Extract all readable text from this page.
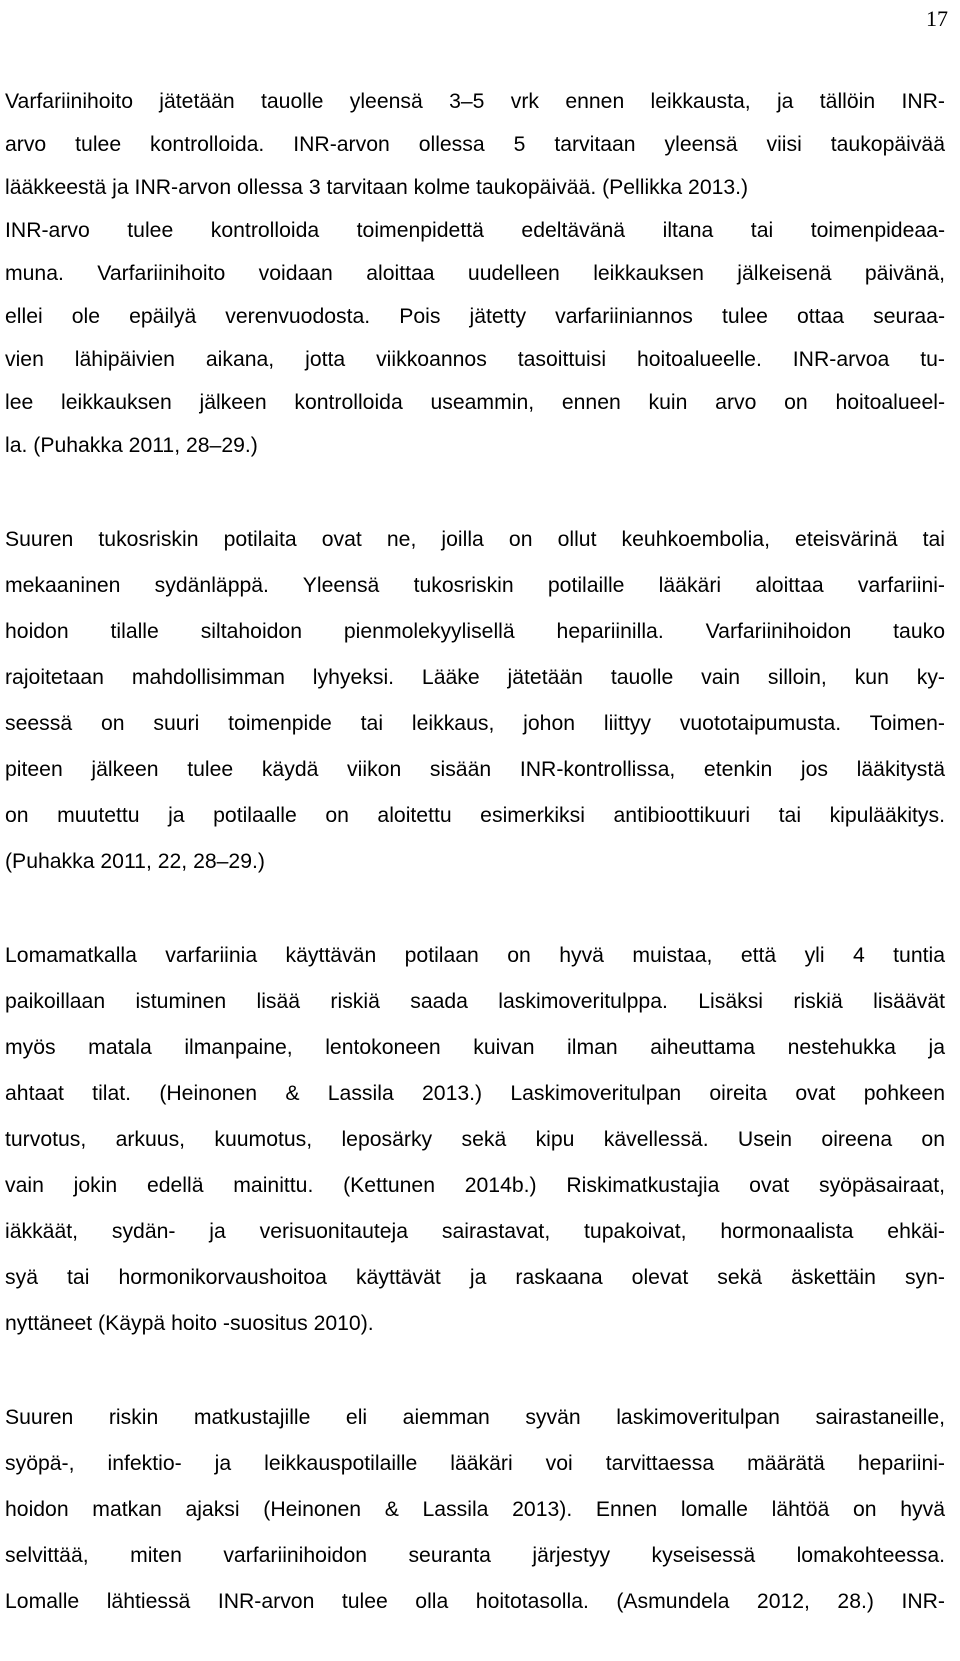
17
Varfariinihoito jätetään tauolle yleensä 3–5 vrk ennen leikkausta, ja tällöin INR-
arvo tulee kontrolloida. INR-arvon ollessa 5 tarvitaan yleensä viisi taukopäivää
lääkkeestä ja INR-arvon ollessa 3 tarvitaan kolme taukopäivää. (Pellikka 2013.)
INR-arvo tulee kontrolloida toimenpidettä edeltävänä iltana tai toimenpideaa-
muna. Varfariinihoito voidaan aloittaa uudelleen leikkauksen jälkeisenä päivänä,
ellei ole epäilyä verenvuodosta. Pois jätetty varfariiniannos tulee ottaa seuraa-
vien lähipäivien aikana, jotta viikkoannos tasoittuisi hoitoalueelle. INR-arvoa tu-
lee leikkauksen jälkeen kontrolloida useammin, ennen kuin arvo on hoitoalueel-
la. (Puhakka 2011, 28–29.)
Suuren tukosriskin potilaita ovat ne, joilla on ollut keuhkoembolia, eteisvärinä tai
mekaaninen sydänläppä. Yleensä tukosriskin potilaille lääkäri aloittaa varfariini-
hoidon tilalle siltahoidon pienmolekyylisellä hepariinilla. Varfariinihoidon tauko
rajoitetaan mahdollisimman lyhyeksi. Lääke jätetään tauolle vain silloin, kun ky-
seessä on suuri toimenpide tai leikkaus, johon liittyy vuototaipumusta. Toimen-
piteen jälkeen tulee käydä viikon sisään INR-kontrollissa, etenkin jos lääkitystä
on muutettu ja potilaalle on aloitettu esimerkiksi antibioottikuuri tai kipulääkitys.
(Puhakka 2011, 22, 28–29.)
Lomamatkalla varfariinia käyttävän potilaan on hyvä muistaa, että yli 4 tuntia
paikoillaan istuminen lisää riskiä saada laskimoveritulppa. Lisäksi riskiä lisäävät
myös matala ilmanpaine, lentokoneen kuivan ilman aiheuttama nestehukka ja
ahtaat tilat. (Heinonen & Lassila 2013.) Laskimoveritulpan oireita ovat pohkeen
turvotus, arkuus, kuumotus, leposärky sekä kipu kävellessä. Usein oireena on
vain jokin edellä mainittu. (Kettunen 2014b.) Riskimatkustajia ovat syöpäsairaat,
iäkkäät, sydän- ja verisuonitauteja sairastavat, tupakoivat, hormonaalista ehkäi-
syä tai hormonikorvaushoitoa käyttävät ja raskaana olevat sekä äskettäin syn-
nyttäneet (Käypä hoito -suositus 2010).
Suuren riskin matkustajille eli aiemman syvän laskimoveritulpan sairastaneille,
syöpä-, infektio- ja leikkauspotilaille lääkäri voi tarvittaessa määrätä hepariini-
hoidon matkan ajaksi (Heinonen & Lassila 2013). Ennen lomalle lähtöä on hyvä
selvittää, miten varfariinihoidon seuranta järjestyy kyseisessä lomakohteessa.
Lomalle lähtiessä INR-arvon tulee olla hoitotasolla. (Asmundela 2012, 28.) INR-
